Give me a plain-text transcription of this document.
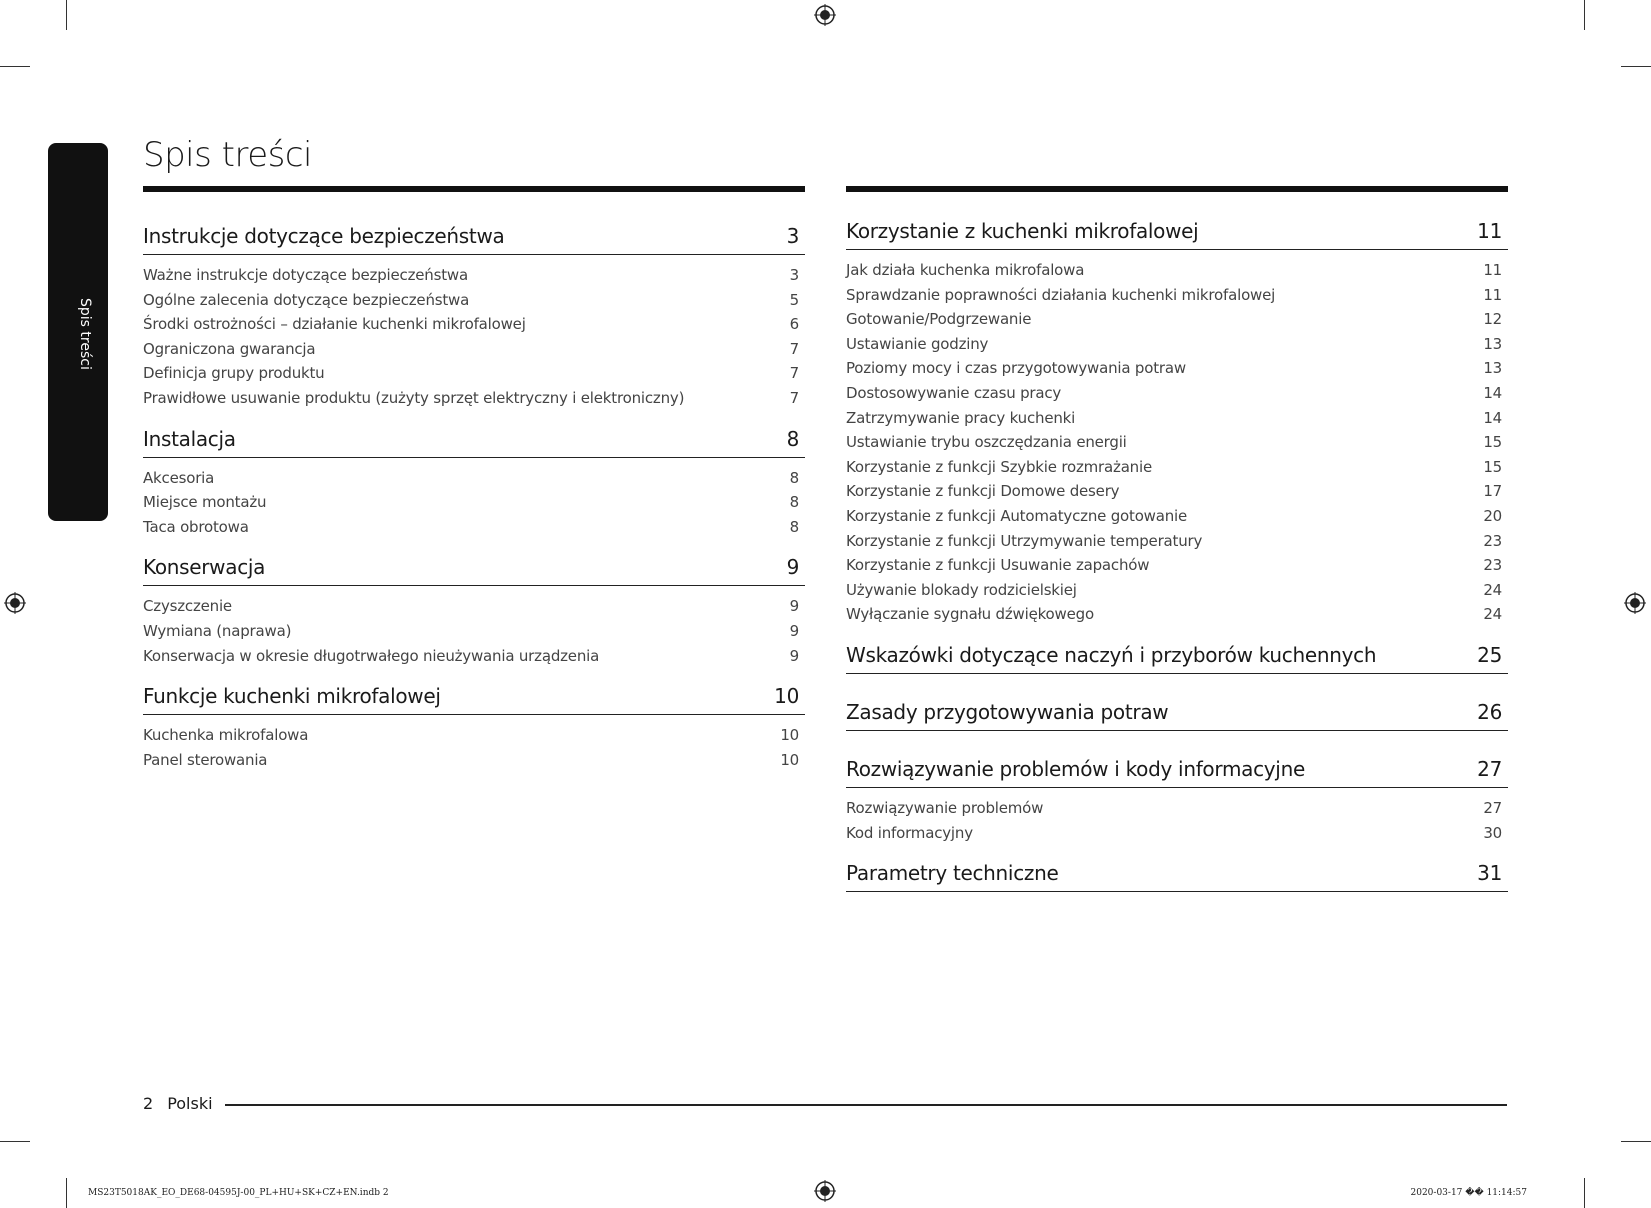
Spis treści
Spis treści
Instrukcje dotyczące bezpieczeństwa	3
Ważne instrukcje dotyczące bezpieczeństwa	3
Ogólne zalecenia dotyczące bezpieczeństwa	5
Środki ostrożności – działanie kuchenki mikrofalowej	6
Ograniczona gwarancja	7
Definicja grupy produktu	7
Prawidłowe usuwanie produktu (zużyty sprzęt elektryczny i elektroniczny)	7
Instalacja	8
Akcesoria	8
Miejsce montażu	8
Taca obrotowa	8
Konserwacja	9
Czyszczenie	9
Wymiana (naprawa)	9
Konserwacja w okresie długotrwałego nieużywania urządzenia	9
Funkcje kuchenki mikrofalowej	10
Kuchenka mikrofalowa	10
Panel sterowania	10
Korzystanie z kuchenki mikrofalowej	11
Jak działa kuchenka mikrofalowa	11
Sprawdzanie poprawności działania kuchenki mikrofalowej	11
Gotowanie/Podgrzewanie	12
Ustawianie godziny	13
Poziomy mocy i czas przygotowywania potraw	13
Dostosowywanie czasu pracy	14
Zatrzymywanie pracy kuchenki	14
Ustawianie trybu oszczędzania energii	15
Korzystanie z funkcji Szybkie rozmrażanie	15
Korzystanie z funkcji Domowe desery	17
Korzystanie z funkcji Automatyczne gotowanie	20
Korzystanie z funkcji Utrzymywanie temperatury	23
Korzystanie z funkcji Usuwanie zapachów	23
Używanie blokady rodzicielskiej	24
Wyłączanie sygnału dźwiękowego	24
Wskazówki dotyczące naczyń i przyborów kuchennych	25
Zasady przygotowywania potraw	26
Rozwiązywanie problemów i kody informacyjne	27
Rozwiązywanie problemów	27
Kod informacyjny	30
Parametry techniczne	31
2 Polski
MS23T5018AK_EO_DE68-04595J-00_PL+HU+SK+CZ+EN.indb 2	2020-03-17 �� 11:14:57
